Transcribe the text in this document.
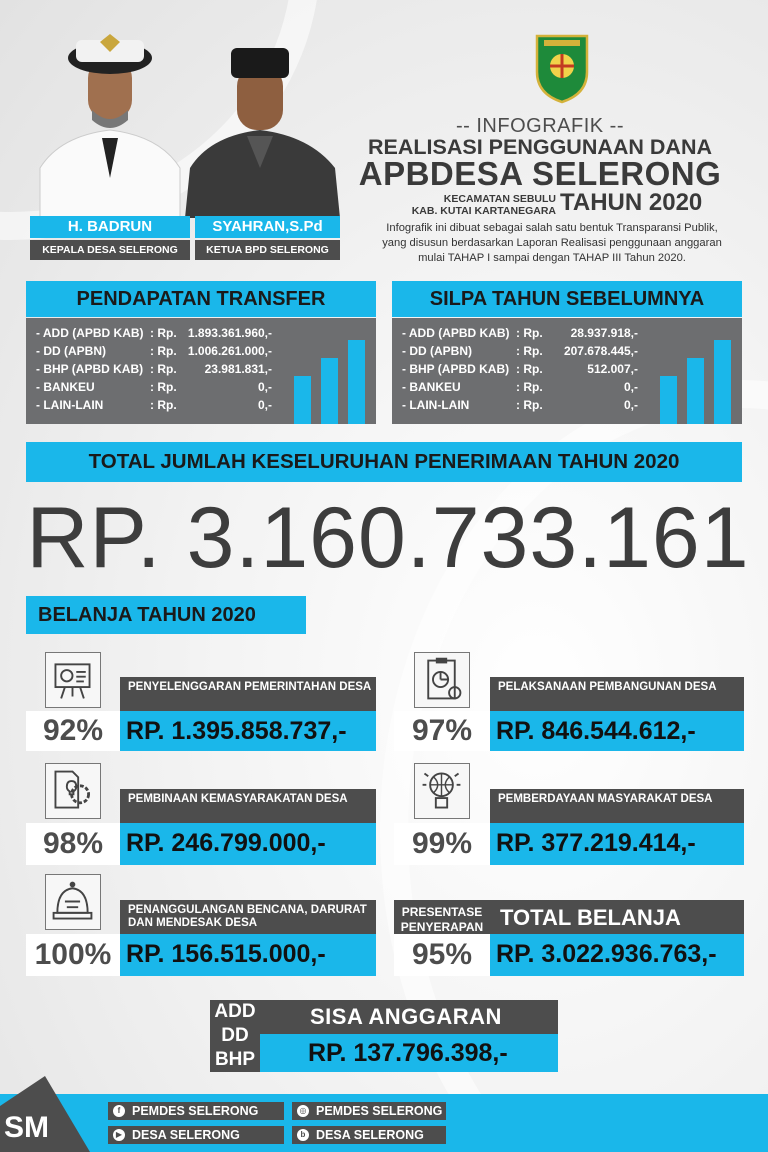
H. BADRUN	SYAHRAN,S.Pd
KEPALA DESA SELERONG	KETUA BPD SELERONG
-- INFOGRAFIK --
REALISASI PENGGUNAAN DANA
APBDESA SELERONG
KECAMATAN SEBULU
KAB. KUTAI KARTANEGARA TAHUN 2020
Infografik ini dibuat sebagai salah satu bentuk Transparansi Publik,
yang disusun berdasarkan Laporan Realisasi penggunaan anggaran
mulai TAHAP I sampai dengan TAHAP III Tahun 2020.
PENDAPATAN TRANSFER
- ADD (APBD KAB) : Rp. 1.893.361.960,-
- DD (APBN)	: Rp. 1.006.261.000,-
- BHP (APBD KAB) : Rp.	23.981.831,-
- BANKEU	: Rp.	0,-
- LAIN-LAIN	: Rp.	0,-
SILPA TAHUN SEBELUMNYA
- ADD (APBD KAB) : Rp.	28.937.918,-
- DD (APBN)	: Rp.	207.678.445,-
- BHP (APBD KAB) : Rp.	512.007,-
- BANKEU	: Rp.	0,-
- LAIN-LAIN	: Rp.	0,-
TOTAL JUMLAH KESELURUHAN PENERIMAAN TAHUN 2020
RP. 3.160.733.161
BELANJA TAHUN 2020
PENYELENGGARAN PEMERINTAHAN DESA
RP. 1.395.858.737,-
92%
PELAKSANAAN PEMBANGUNAN DESA
RP. 846.544.612,-
97%
PEMBINAAN KEMASYARAKATAN DESA
RP. 246.799.000,-
98%
PEMBERDAYAAN MASYARAKAT DESA
RP. 377.219.414,-
99%
PENANGGULANGAN BENCANA, DARURAT DAN MENDESAK DESA
RP. 156.515.000,-
100%
PRESENTASE PENYERAPAN
95%
TOTAL BELANJA
RP. 3.022.936.763,-
ADD
DD
BHP
SISA ANGGARAN
RP. 137.796.398,-
SM
f PEMDES SELERONG	◎ PEMDES SELERONG
▶ DESA SELERONG	b DESA SELERONG
